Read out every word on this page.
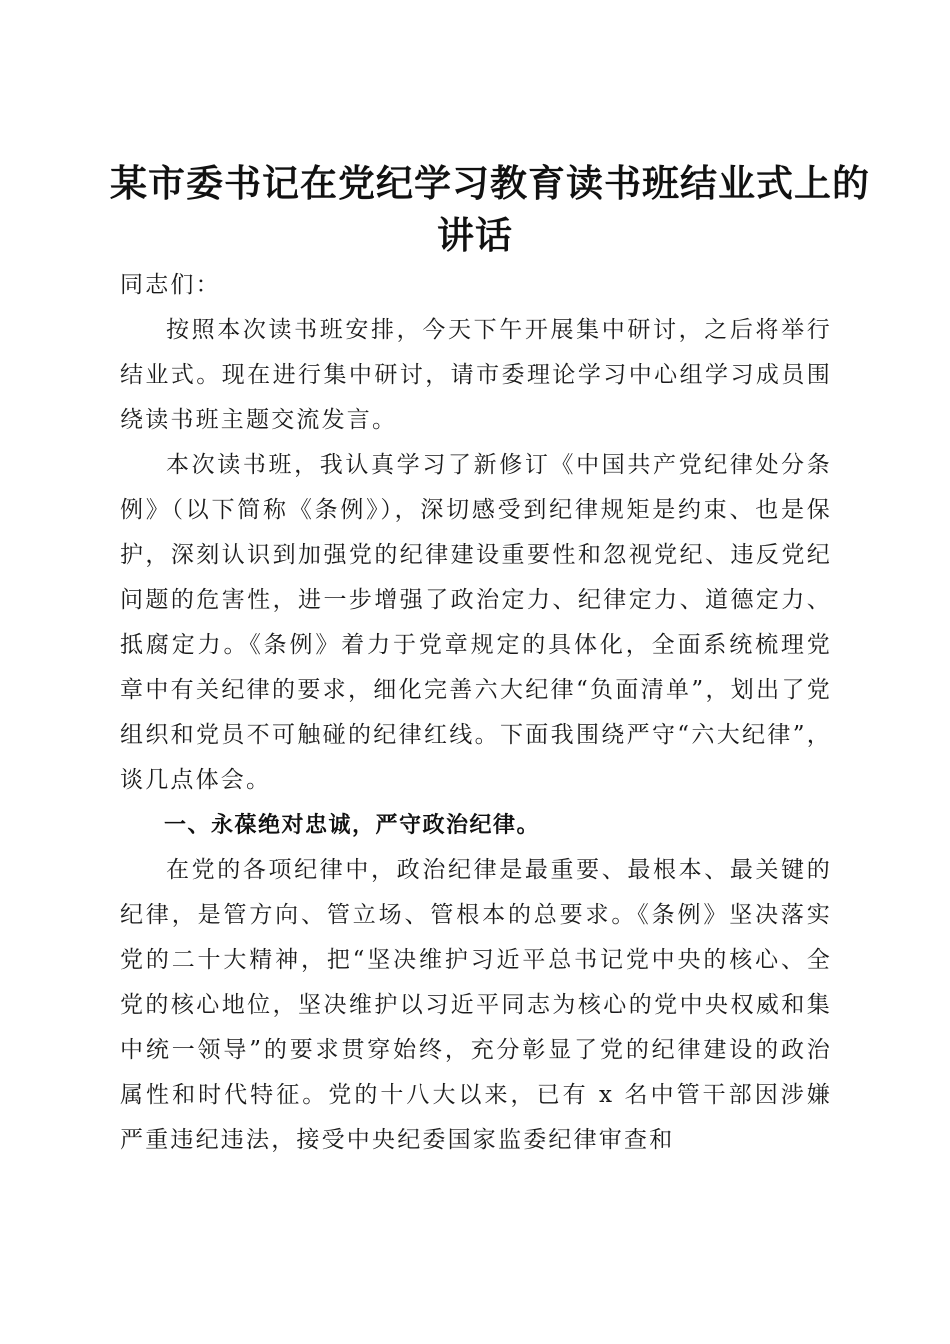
某市委书记在党纪学习教育读书班结业式上的
讲话

同志们：

按照本次读书班安排，今天下午开展集中研讨，之后将举行结业式。现在进行集中研讨，请市委理论学习中心组学习成员围绕读书班主题交流发言。

本次读书班，我认真学习了新修订《中国共产党纪律处分条例》（以下简称《条例》），深切感受到纪律规矩是约束、也是保护，深刻认识到加强党的纪律建设重要性和忽视党纪、违反党纪问题的危害性，进一步增强了政治定力、纪律定力、道德定力、抵腐定力。《条例》着力于党章规定的具体化，全面系统梳理党章中有关纪律的要求，细化完善六大纪律“负面清单”，划出了党组织和党员不可触碰的纪律红线。下面我围绕严守“六大纪律”，谈几点体会。

一、永葆绝对忠诚，严守政治纪律。

在党的各项纪律中，政治纪律是最重要、最根本、最关键的纪律，是管方向、管立场、管根本的总要求。《条例》坚决落实党的二十大精神，把“坚决维护习近平总书记党中央的核心、全党的核心地位，坚决维护以习近平同志为核心的党中央权威和集中统一领导”的要求贯穿始终，充分彰显了党的纪律建设的政治属性和时代特征。党的十八大以来，已有 x 名中管干部因涉嫌严重违纪违法，接受中央纪委国家监委纪律审查和
